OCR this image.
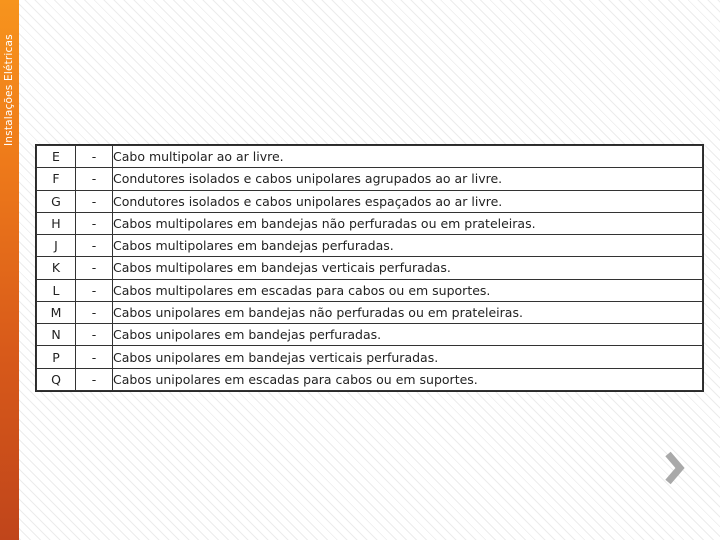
Instalações Elétricas
E	-	Cabo multipolar ao ar livre.
F	-	Condutores isolados e cabos unipolares agrupados ao ar livre.
G	-	Condutores isolados e cabos unipolares espaçados ao ar livre.
H	-	Cabos multipolares em bandejas não perfuradas ou em prateleiras.
J	-	Cabos multipolares em bandejas perfuradas.
K	-	Cabos multipolares em bandejas verticais perfuradas.
L	-	Cabos multipolares em escadas para cabos ou em suportes.
M	-	Cabos unipolares em bandejas não perfuradas ou em prateleiras.
N	-	Cabos unipolares em bandejas perfuradas.
P	-	Cabos unipolares em bandejas verticais perfuradas.
Q	-	Cabos unipolares em escadas para cabos ou em suportes.
